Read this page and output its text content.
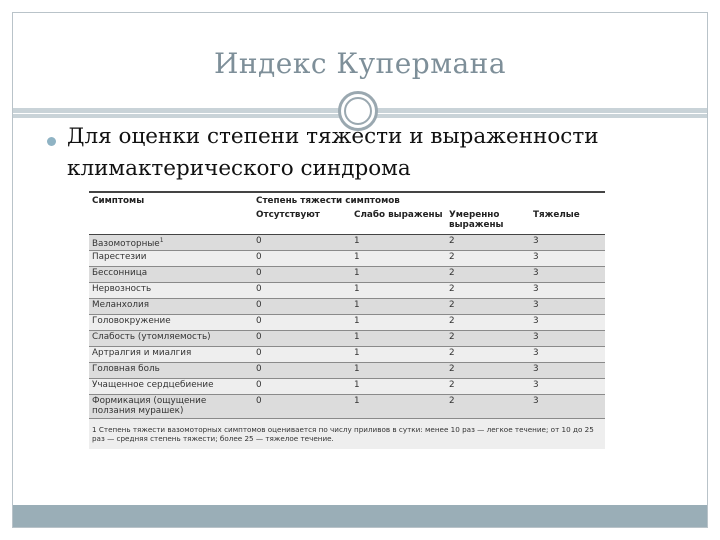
Индекс Купермана
Для оценки степени тяжести и выраженности климактерического синдрома
Симптомы	Степень тяжести симптомов			
	Отсутствуют	Слабо выражены	Умеренно выражены	Тяжелые
Вазомоторные$^1$	0	1	2	3
Парестезии	0	1	2	3
Бессонница	0	1	2	3
Нервозность	0	1	2	3
Меланхолия	0	1	2	3
Головокружение	0	1	2	3
Слабость (утомляемость)	0	1	2	3
Артралгия и миалгия	0	1	2	3
Головная боль	0	1	2	3
Учащенное сердцебиение	0	1	2	3
Формикация (ощущение ползания мурашек)	0	1	2	3
1 Степень тяжести вазомоторных симптомов оценивается по числу приливов в сутки: менее 10 раз — легкое течение; от 10 до 25 раз — средняя степень тяжести; более 25 — тяжелое течение.
